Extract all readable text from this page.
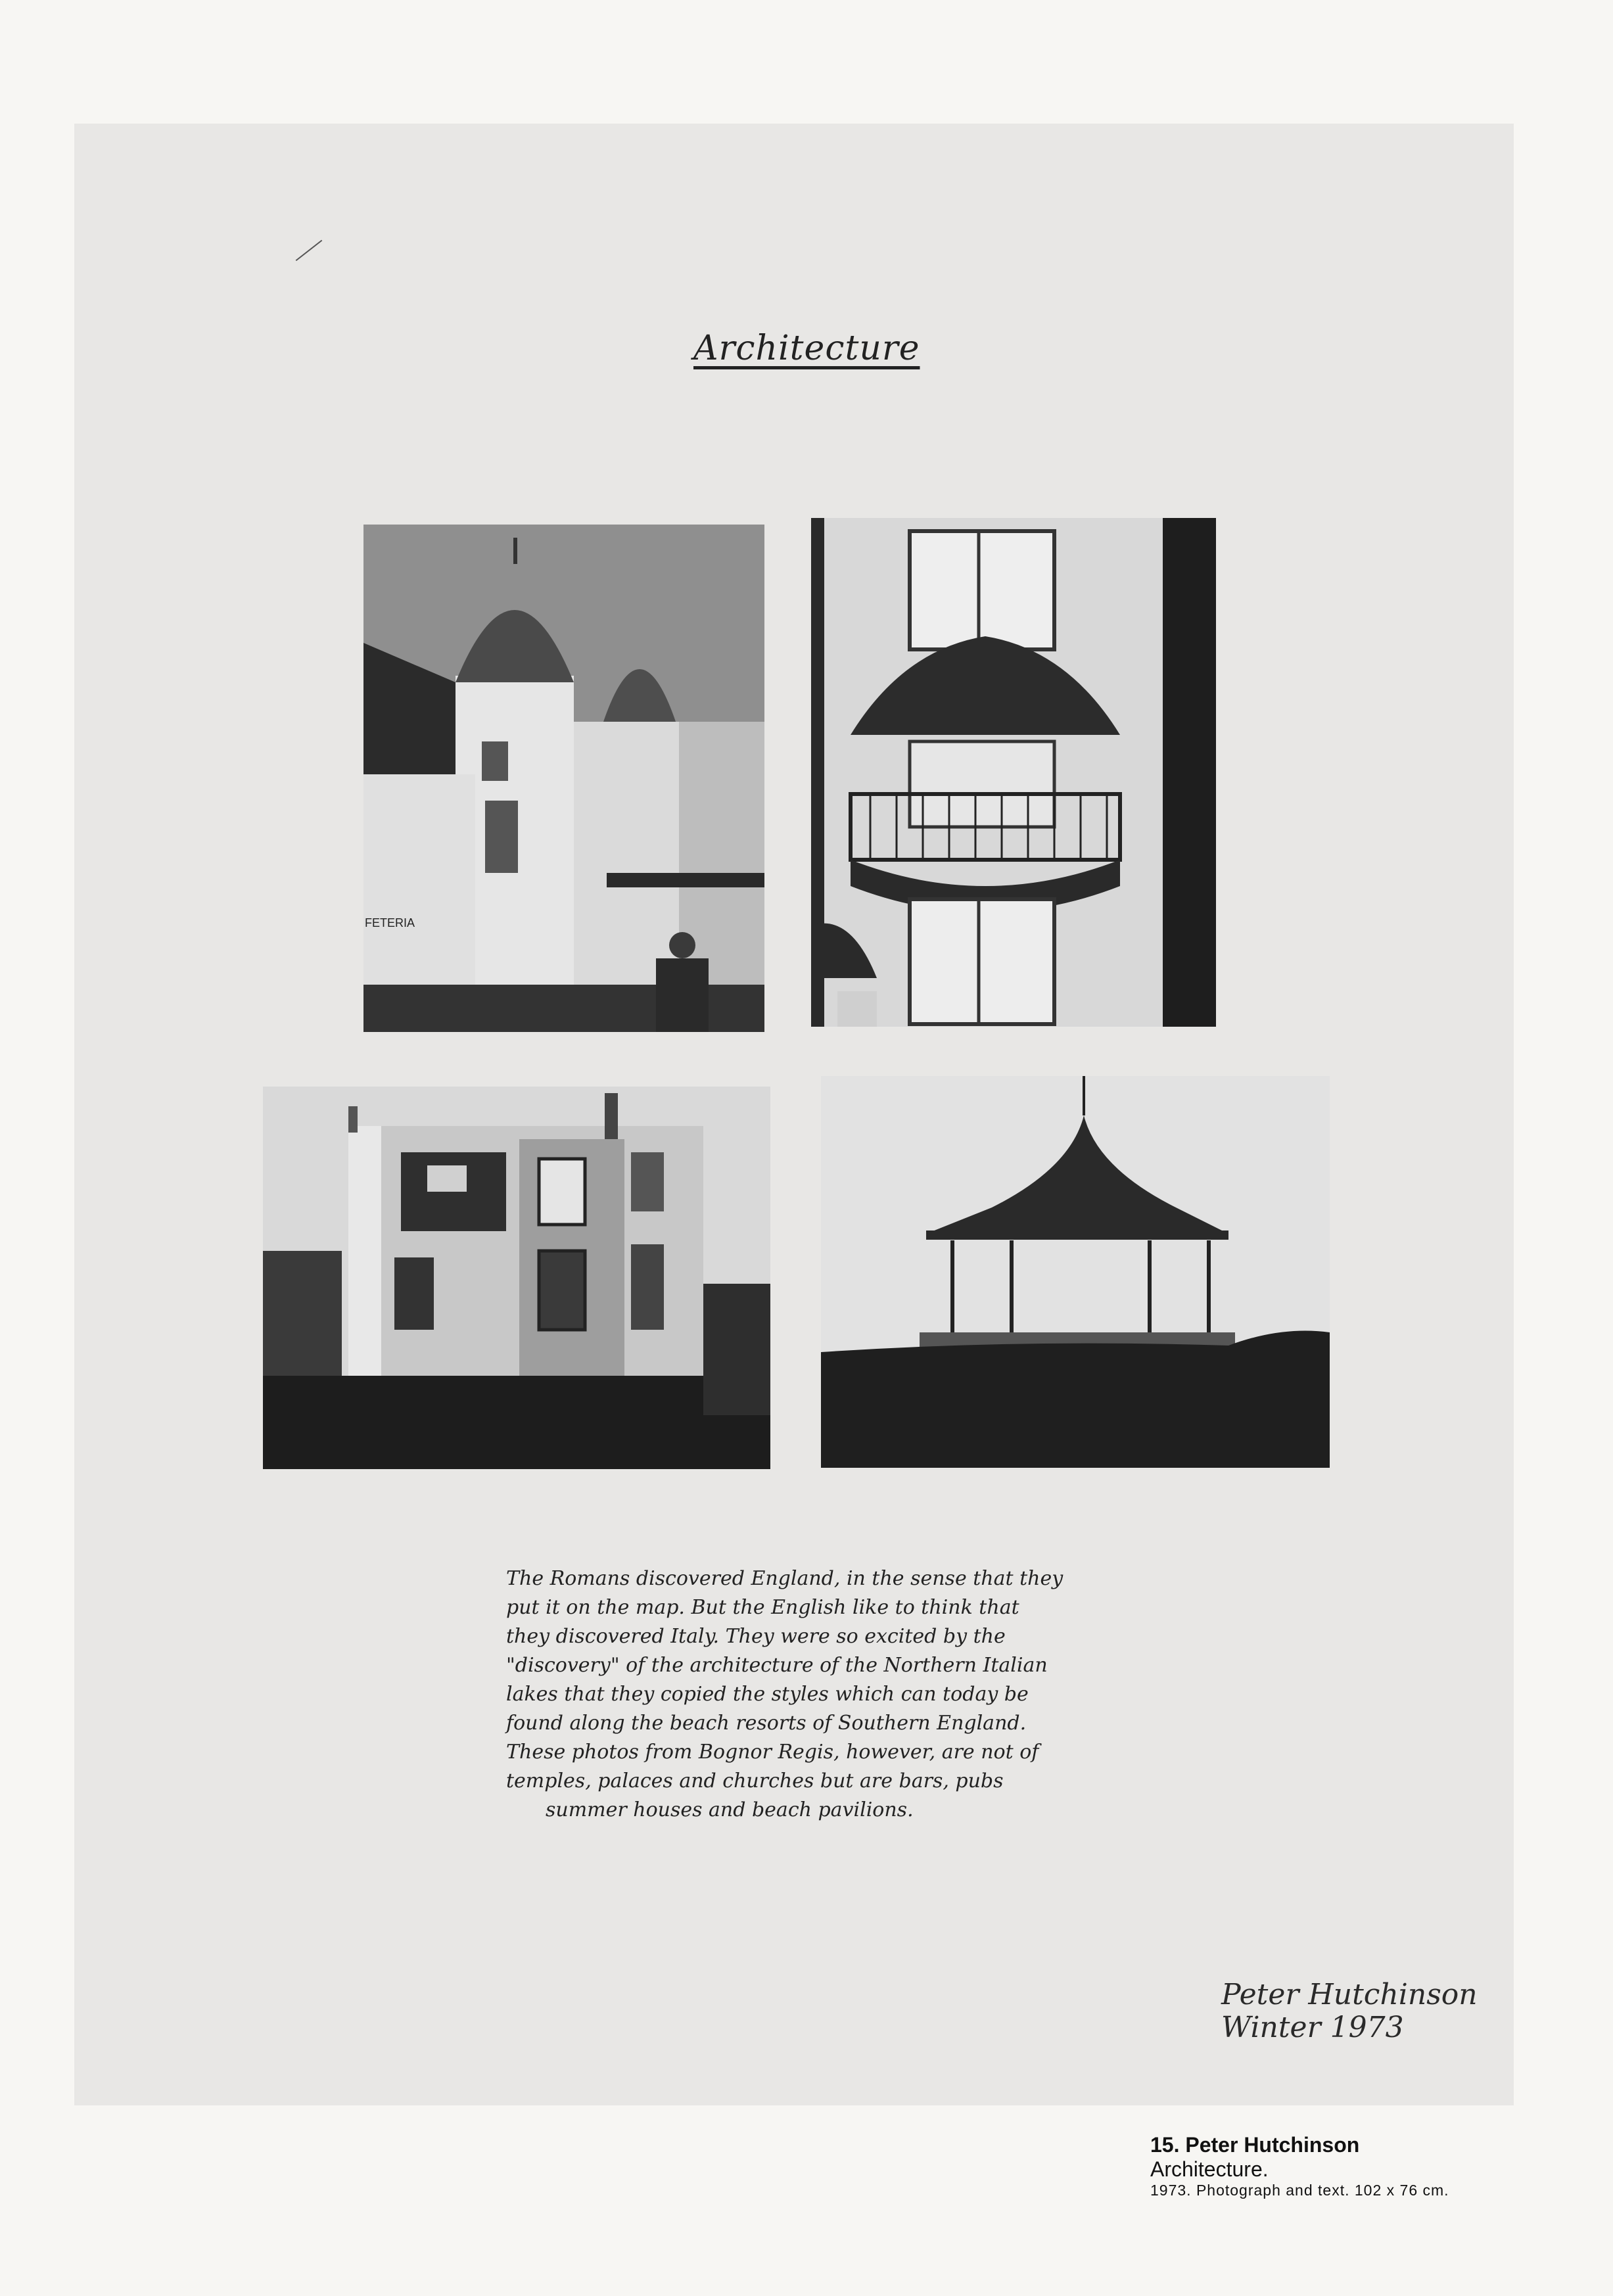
Architecture
FETERIA
The Romans discovered England, in the sense that they
put it on the map. But the English like to think that
they discovered Italy. They were so excited by the
"discovery" of the architecture of the Northern Italian
lakes that they copied the styles which can today be
found along the beach resorts of Southern England.
These photos from Bognor Regis, however, are not of
temples, palaces and churches but are bars, pubs
summer houses and beach pavilions.
Peter Hutchinson
Winter 1973
15. Peter Hutchinson
Architecture.
1973. Photograph and text. 102 x 76 cm.
